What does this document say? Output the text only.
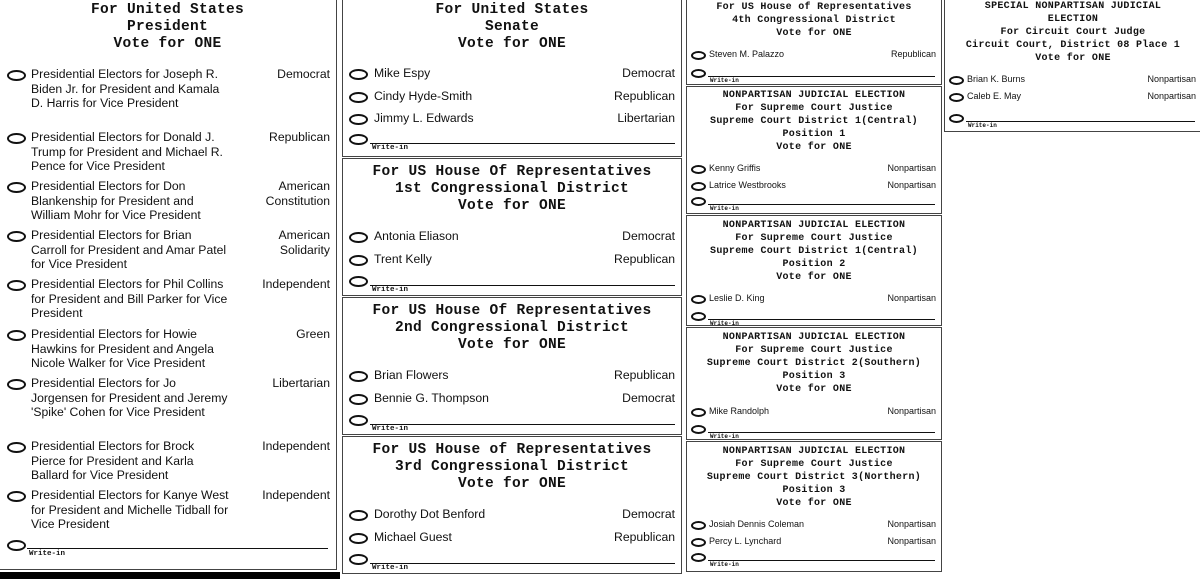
For United States
President
Vote for ONE
Write-in
Presidential Electors for Joseph R. Biden Jr. for President and Kamala D. Harris for Vice President
Democrat
Presidential Electors for Donald J. Trump for President and Michael R. Pence for Vice President
Republican
Presidential Electors for Don Blankenship for President and William Mohr for Vice President
American Constitution
Presidential Electors for Brian Carroll for President and Amar Patel for Vice President
American Solidarity
Presidential Electors for Phil Collins for President and Bill Parker for Vice President
Independent
Presidential Electors for Howie Hawkins for President and Angela Nicole Walker for Vice President
Green
Presidential Electors for Jo Jorgensen for President and Jeremy 'Spike' Cohen for Vice President
Libertarian
Presidential Electors for Brock Pierce for President and Karla Ballard for Vice President
Independent
Presidential Electors for Kanye West for President and Michelle Tidball for Vice President
Independent
For United States
Senate
Vote for ONE
Mike Espy	Democrat
Cindy Hyde-Smith	Republican
Jimmy L. Edwards	Libertarian
Write-in
For US House Of Representatives
1st Congressional District
Vote for ONE
Antonia Eliason	Democrat
Trent Kelly	Republican
Write-in
For US House Of Representatives
2nd Congressional District
Vote for ONE
Brian Flowers	Republican
Bennie G. Thompson	Democrat
Write-in
For US House of Representatives
3rd Congressional District
Vote for ONE
Dorothy Dot Benford	Democrat
Michael Guest	Republican
Write-in
For US House of Representatives
4th Congressional District
Vote for ONE
Steven M. Palazzo	Republican
Write-in
NONPARTISAN JUDICIAL ELECTION
For Supreme Court Justice
Supreme Court District 1(Central)
Position 1
Vote for ONE
Kenny Griffis	Nonpartisan
Latrice Westbrooks	Nonpartisan
Write-in
NONPARTISAN JUDICIAL ELECTION
For Supreme Court Justice
Supreme Court District 1(Central)
Position 2
Vote for ONE
Leslie D. King	Nonpartisan
Write-in
NONPARTISAN JUDICIAL ELECTION
For Supreme Court Justice
Supreme Court District 2(Southern)
Position 3
Vote for ONE
Mike Randolph	Nonpartisan
Write-in
NONPARTISAN JUDICIAL ELECTION
For Supreme Court Justice
Supreme Court District 3(Northern)
Position 3
Vote for ONE
Josiah Dennis Coleman	Nonpartisan
Percy L. Lynchard	Nonpartisan
Write-in
SPECIAL NONPARTISAN JUDICIAL
ELECTION
For Circuit Court Judge
Circuit Court, District 08 Place 1
Vote for ONE
Brian K. Burns	Nonpartisan
Caleb E. May	Nonpartisan
Write-in
